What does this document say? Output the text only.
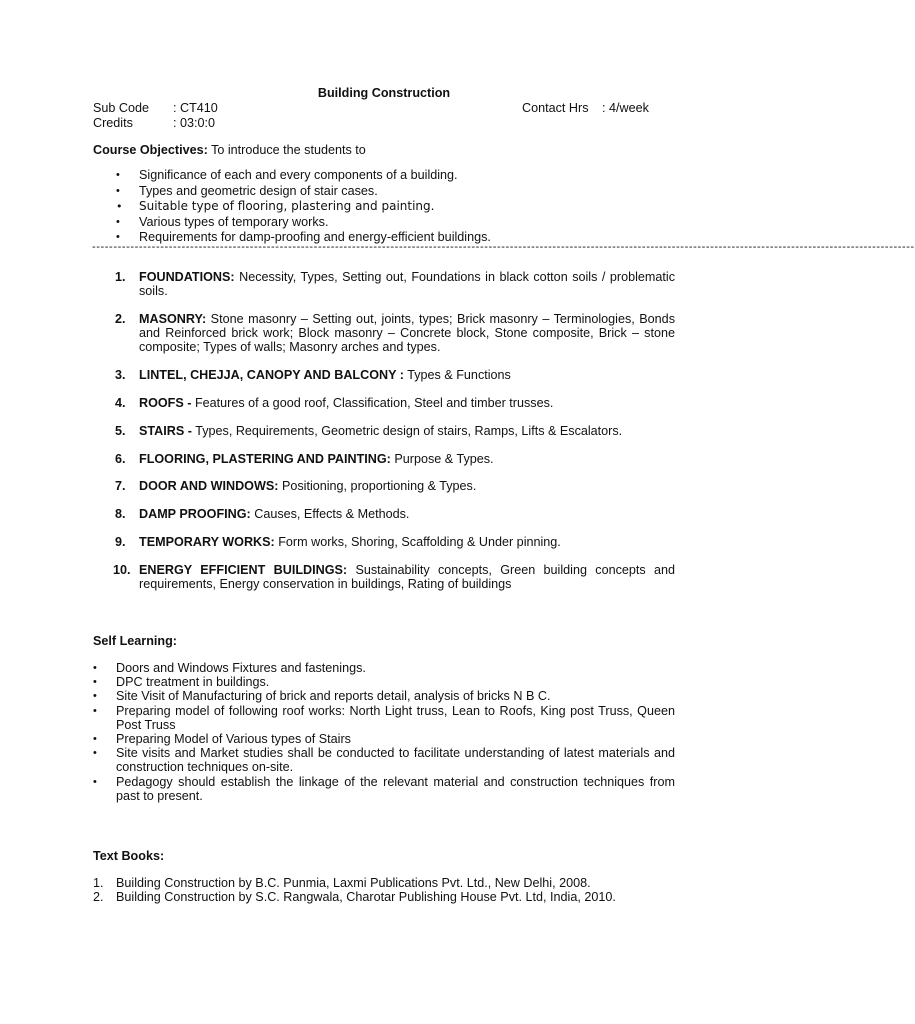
Building Construction
Sub Code : CT410	Contact Hrs : 4/week
Credits	: 03:0:0
Course Objectives: To introduce the students to
• Significance of each and every components of a building.
• Types and geometric design of stair cases.
• Suitable type of flooring, plastering and painting.
• Various types of temporary works.
• Requirements for damp-proofing and energy-efficient buildings.
-------------------------------------------------------------------------------------------------------------------------------------------------------------------------------------------------
1. FOUNDATIONS: Necessity, Types, Setting out, Foundations in black cotton soils / problematic soils.
2. MASONRY: Stone masonry – Setting out, joints, types; Brick masonry – Terminologies, Bonds and Reinforced brick work; Block masonry – Concrete block, Stone composite, Brick – stone composite; Types of walls; Masonry arches and types.
3. LINTEL, CHEJJA, CANOPY AND BALCONY : Types & Functions
4. ROOFS - Features of a good roof, Classification, Steel and timber trusses.
5. STAIRS - Types, Requirements, Geometric design of stairs, Ramps, Lifts & Escalators.
6. FLOORING, PLASTERING AND PAINTING: Purpose & Types.
7. DOOR AND WINDOWS: Positioning, proportioning & Types.
8. DAMP PROOFING: Causes, Effects & Methods.
9. TEMPORARY WORKS: Form works, Shoring, Scaffolding & Under pinning.
10. ENERGY EFFICIENT BUILDINGS: Sustainability concepts, Green building concepts and requirements, Energy conservation in buildings, Rating of buildings
Self Learning:
• Doors and Windows Fixtures and fastenings.
• DPC treatment in buildings.
• Site Visit of Manufacturing of brick and reports detail, analysis of bricks N B C.
• Preparing model of following roof works: North Light truss, Lean to Roofs, King post Truss, Queen Post Truss
• Preparing Model of Various types of Stairs
• Site visits and Market studies shall be conducted to facilitate understanding of latest materials and construction techniques on-site.
• Pedagogy should establish the linkage of the relevant material and construction techniques from past to present.
Text Books:
1. Building Construction by B.C. Punmia, Laxmi Publications Pvt. Ltd., New Delhi, 2008.
2. Building Construction by S.C. Rangwala, Charotar Publishing House Pvt. Ltd, India, 2010.
